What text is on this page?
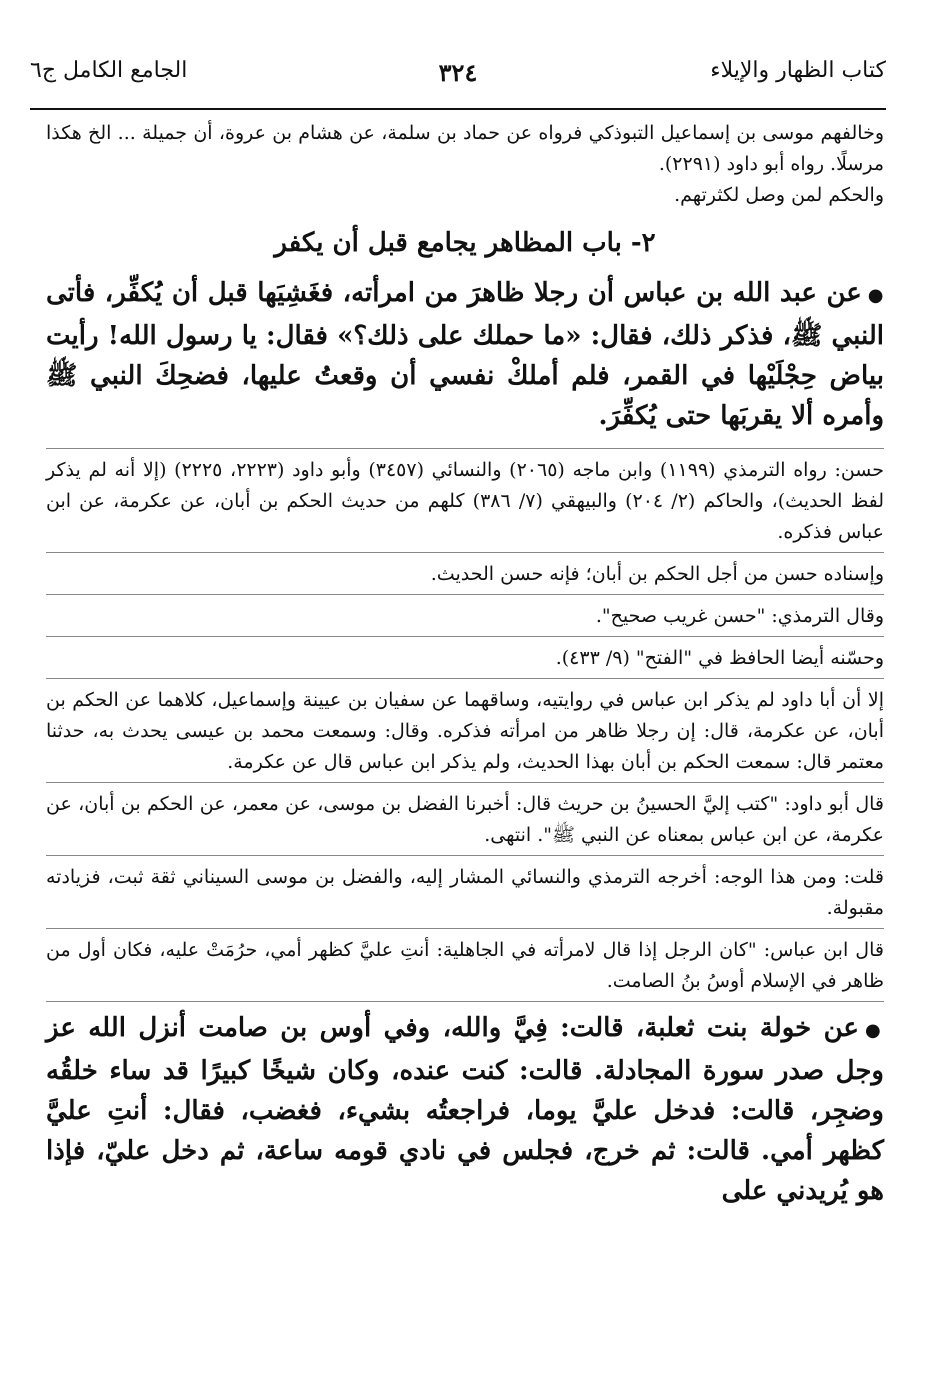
كتاب الظهار والإيلاء
٣٢٤
الجامع الكامل ج٦

وخالفهم موسى بن إسماعيل التبوذكي فرواه عن حماد بن سلمة، عن هشام بن عروة، أن جميلة ... الخ هكذا مرسلًا. رواه أبو داود (٢٢٩١).

والحكم لمن وصل لكثرتهم.

٢- باب المظاهر يجامع قبل أن يكفر

●عن عبد الله بن عباس أن رجلا ظاهرَ من امرأته، فغَشِيَها قبل أن يُكفِّر، فأتى النبي ﷺ، فذكر ذلك، فقال: «ما حملك على ذلك؟» فقال: يا رسول الله! رأيت بياض حِجْلَيْها في القمر، فلم أملكْ نفسي أن وقعتُ عليها، فضحِكَ النبي ﷺ وأمره ألا يقربَها حتى يُكفِّرَ.

حسن: رواه الترمذي (١١٩٩) وابن ماجه (٢٠٦٥) والنسائي (٣٤٥٧) وأبو داود (٢٢٢٣، ٢٢٢٥) (إلا أنه لم يذكر لفظ الحديث)، والحاكم (٢/ ٢٠٤) والبيهقي (٧/ ٣٨٦) كلهم من حديث الحكم بن أبان، عن عكرمة، عن ابن عباس فذكره.

وإسناده حسن من أجل الحكم بن أبان؛ فإنه حسن الحديث.

وقال الترمذي: "حسن غريب صحيح".

وحسّنه أيضا الحافظ في "الفتح" (٩/ ٤٣٣).

إلا أن أبا داود لم يذكر ابن عباس في روايتيه، وساقهما عن سفيان بن عيينة وإسماعيل، كلاهما عن الحكم بن أبان، عن عكرمة، قال: إن رجلا ظاهر من امرأته فذكره. وقال: وسمعت محمد بن عيسى يحدث به، حدثنا معتمر قال: سمعت الحكم بن أبان بهذا الحديث، ولم يذكر ابن عباس قال عن عكرمة.

قال أبو داود: "كتب إليَّ الحسينُ بن حريث قال: أخبرنا الفضل بن موسى، عن معمر، عن الحكم بن أبان، عن عكرمة، عن ابن عباس بمعناه عن النبي ﷺ". انتهى.

قلت: ومن هذا الوجه: أخرجه الترمذي والنسائي المشار إليه، والفضل بن موسى السيناني ثقة ثبت، فزيادته مقبولة.

قال ابن عباس: "كان الرجل إذا قال لامرأته في الجاهلية: أنتِ عليَّ كظهر أمي، حرُمَتْ عليه، فكان أول من ظاهر في الإسلام أوسُ بنُ الصامت.

●عن خولة بنت ثعلبة، قالت: فِيَّ والله، وفي أوس بن صامت أنزل الله عز وجل صدر سورة المجادلة. قالت: كنت عنده، وكان شيخًا كبيرًا قد ساء خلقُه وضجِر، قالت: فدخل عليَّ يوما، فراجعتُه بشيء، فغضب، فقال: أنتِ عليَّ كظهر أمي. قالت: ثم خرج، فجلس في نادي قومه ساعة، ثم دخل عليّ، فإذا هو يُريدني على
